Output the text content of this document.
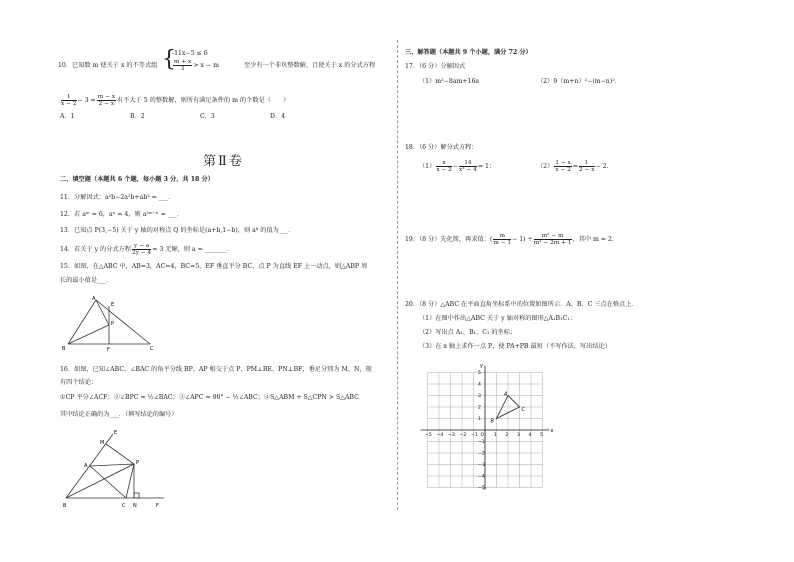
10．已知数 m 使关于 x 的不等式组 {
-11x−5 ≤ 6
$\frac{m + x}{3} > x - m$	至少有一个非负整数解，且使关于 x 的分式方程
$\frac{1}{x - 2} - 3 = \frac{m - x}{2 - x}$ 有不大于 5 的整数解，则所有满足条件的 m 的个数是（　　）
A．1	B．2	C．3	D．4
第Ⅱ卷
二、填空题（本题共 6 个题，每小题 3 分，共 18 分）
11．分解因式：a²b−2a²b+ab² = ___．
12．若 aᵐ = 6，aⁿ = 4，则 a²ᵐ⁻ⁿ = ___．
13．已知点 P(3,−5) 关于 y 轴的对称点 Q 的坐标是(a+b,1−b)，则 aᵇ 的值为___．
14．若关于 y 的分式方程 $\frac{y - a}{2y - 4} = 3$ 无解，则 a = _______．
15．如图，在△ABC 中，AB=3，AC=4，BC=5，EF 垂直平分 BC，点 P 为直线 EF 上一动点，则△ABP 周
长的最小值是___．
A
E
P
B	F	C
16．如图，已知∠ABC、∠BAC 的角平分线 BP、AP 相交于点 P，PM⊥BE，PN⊥BF，垂足分别为 M、N，现
有四个结论：
①CP 平分∠ACF；②∠BPC = ½∠BAC；③∠APC = 90° − ½∠ABC；④S△ABM + S△CPN > S△ABC．
其中结论正确的为___．（填写结论的编号）
E
M
A	P
B	C N	F
三、解答题（本题共 9 个小题，满分 72 分）
17．（6 分）分解因式
（1）m²−8am+16a	（2）9（m+n）²−(m−n)²．
18．（6 分）解分式方程：
$(1) \frac{x}{x - 2} - \frac{14}{\text{x² − 4}} = 1$；	$(2) \frac{1 - x}{x - 2} = \frac{1}{2 - x} - 2$．
19．（8 分）先化简，再求值：( $\frac{m}{m - 1} - 1) \div \frac{\text{m² − m}}{\text{m² − 2m + 1}}$ ，其中 m = 2．
20．（8 分）△ABC 在平面直角坐标系中的位置如图所示．A、B、C 三点在格点上．
（1）在图中作出△ABC 关于 y 轴对称的图形△A₁B₁C₁；
（2）写出点 A₁、B₁、C₁ 的坐标；
（3）在 x 轴上求作一点 P，使 PA+PB 最短（不写作法，写出结论）
x
y
−5 −4 −3 −2 −1 O 1 2 3 4 5
5
4
3
2
1
−1
−2
−3
−4
−5
A
B
C
